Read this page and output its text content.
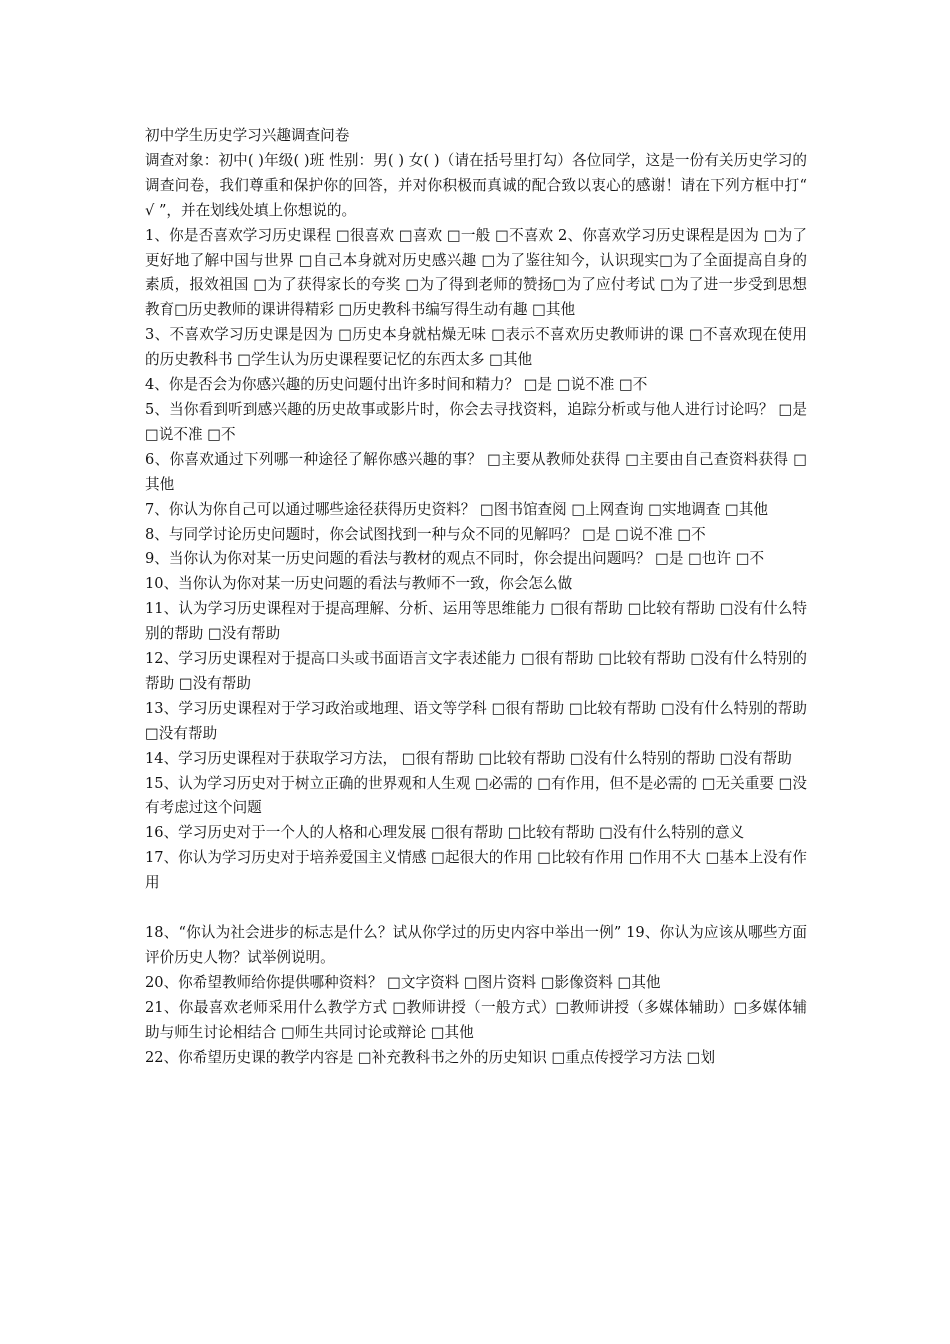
初中学生历史学习兴趣调查问卷

调查对象：初中( )年级( )班 性别：男( ) 女( )（请在括号里打勾）各位同学，这是一份有关历史学习的调查问卷，我们尊重和保护你的回答，并对你积极而真诚的配合致以衷心的感谢！请在下列方框中打“ √ ”，并在划线处填上你想说的。

1、你是否喜欢学习历史课程 □很喜欢 □喜欢 □一般 □不喜欢 2、你喜欢学习历史课程是因为 □为了更好地了解中国与世界 □自己本身就对历史感兴趣 □为了鉴往知今，认识现实□为了全面提高自身的素质，报效祖国 □为了获得家长的夸奖 □为了得到老师的赞扬□为了应付考试 □为了进一步受到思想教育□历史教师的课讲得精彩 □历史教科书编写得生动有趣 □其他

3、不喜欢学习历史课是因为 □历史本身就枯燥无味 □表示不喜欢历史教师讲的课 □不喜欢现在使用的历史教科书 □学生认为历史课程要记忆的东西太多 □其他

4、你是否会为你感兴趣的历史问题付出许多时间和精力？ □是 □说不准 □不

5、当你看到听到感兴趣的历史故事或影片时，你会去寻找资料，追踪分析或与他人进行讨论吗？ □是 □说不准 □不

6、你喜欢通过下列哪一种途径了解你感兴趣的事？ □主要从教师处获得 □主要由自己查资料获得 □其他

7、你认为你自己可以通过哪些途径获得历史资料？ □图书馆查阅 □上网查询 □实地调查 □其他

8、与同学讨论历史问题时，你会试图找到一种与众不同的见解吗？ □是 □说不准 □不

9、当你认为你对某一历史问题的看法与教材的观点不同时，你会提出问题吗？ □是 □也许 □不

10、当你认为你对某一历史问题的看法与教师不一致，你会怎么做

11、认为学习历史课程对于提高理解、分析、运用等思维能力 □很有帮助 □比较有帮助 □没有什么特别的帮助 □没有帮助

12、学习历史课程对于提高口头或书面语言文字表述能力 □很有帮助 □比较有帮助 □没有什么特别的帮助 □没有帮助

13、学习历史课程对于学习政治或地理、语文等学科 □很有帮助 □比较有帮助 □没有什么特别的帮助 □没有帮助

14、学习历史课程对于获取学习方法， □很有帮助 □比较有帮助 □没有什么特别的帮助 □没有帮助

15、认为学习历史对于树立正确的世界观和人生观 □必需的 □有作用，但不是必需的 □无关重要 □没有考虑过这个问题

16、学习历史对于一个人的人格和心理发展 □很有帮助 □比较有帮助 □没有什么特别的意义

17、你认为学习历史对于培养爱国主义情感 □起很大的作用 □比较有作用 □作用不大 □基本上没有作用

18、“你认为社会进步的标志是什么？试从你学过的历史内容中举出一例” 19、你认为应该从哪些方面评价历史人物？试举例说明。

20、你希望教师给你提供哪种资料？ □文字资料 □图片资料 □影像资料 □其他

21、你最喜欢老师采用什么教学方式 □教师讲授（一般方式）□教师讲授（多媒体辅助）□多媒体辅助与师生讨论相结合 □师生共同讨论或辩论 □其他

22、你希望历史课的教学内容是 □补充教科书之外的历史知识 □重点传授学习方法 □划
